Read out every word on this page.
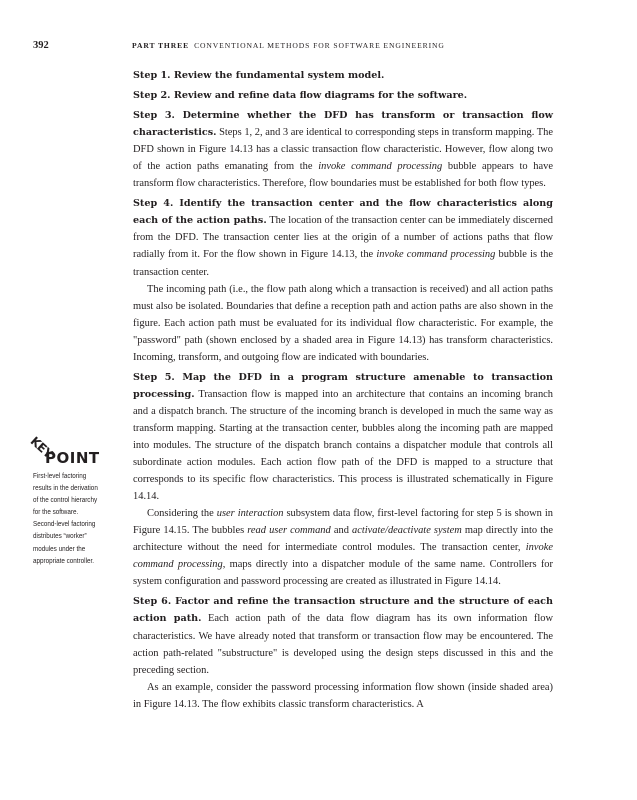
392	PART THREE CONVENTIONAL METHODS FOR SOFTWARE ENGINEERING
KEY
POINT
First-level factoring
results in the derivation
of the control hierarchy
for the software.
Second-level factoring
distributes “worker”
modules under the
appropriate controller.

Step 1. Review the fundamental system model.

Step 2. Review and refine data flow diagrams for the software.

Step 3. Determine whether the DFD has transform or transaction flow characteristics. Steps 1, 2, and 3 are identical to corresponding steps in transform mapping. The DFD shown in Figure 14.13 has a classic transaction flow characteristic. However, flow along two of the action paths emanating from the invoke command processing bubble appears to have transform flow characteristics. Therefore, flow boundaries must be established for both flow types.

Step 4. Identify the transaction center and the flow characteristics along each of the action paths. The location of the transaction center can be immediately discerned from the DFD. The transaction center lies at the origin of a number of actions paths that flow radially from it. For the flow shown in Figure 14.13, the invoke command processing bubble is the transaction center.

The incoming path (i.e., the flow path along which a transaction is received) and all action paths must also be isolated. Boundaries that define a reception path and action paths are also shown in the figure. Each action path must be evaluated for its individual flow characteristic. For example, the "password" path (shown enclosed by a shaded area in Figure 14.13) has transform characteristics. Incoming, transform, and outgoing flow are indicated with boundaries.

Step 5. Map the DFD in a program structure amenable to transaction processing. Transaction flow is mapped into an architecture that contains an incoming branch and a dispatch branch. The structure of the incoming branch is developed in much the same way as transform mapping. Starting at the transaction center, bubbles along the incoming path are mapped into modules. The structure of the dispatch branch contains a dispatcher module that controls all subordinate action modules. Each action flow path of the DFD is mapped to a structure that corresponds to its specific flow characteristics. This process is illustrated schematically in Figure 14.14.

Considering the user interaction subsystem data flow, first-level factoring for step 5 is shown in Figure 14.15. The bubbles read user command and activate/deactivate system map directly into the architecture without the need for intermediate control modules. The transaction center, invoke command processing, maps directly into a dispatcher module of the same name. Controllers for system configuration and password processing are created as illustrated in Figure 14.14.

Step 6. Factor and refine the transaction structure and the structure of each action path. Each action path of the data flow diagram has its own information flow characteristics. We have already noted that transform or transaction flow may be encountered. The action path-related "substructure" is developed using the design steps discussed in this and the preceding section.

As an example, consider the password processing information flow shown (inside shaded area) in Figure 14.13. The flow exhibits classic transform characteristics. A
